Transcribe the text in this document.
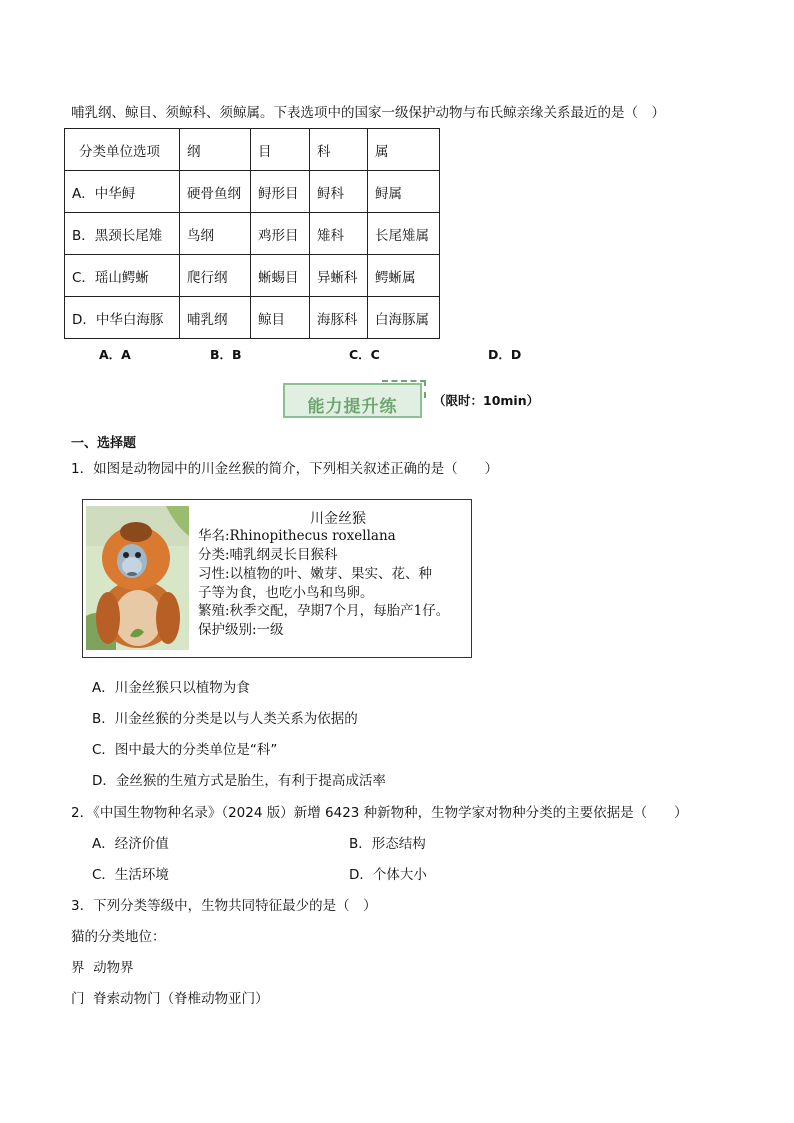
哺乳纲、鲸目、须鲸科、须鲸属。下表选项中的国家一级保护动物与布氏鲸亲缘关系最近的是（　）
分类单位选项	纲	目	科	属
A．中华鲟	硬骨鱼纲	鲟形目	鲟科	鲟属
B．黑颈长尾雉	鸟纲	鸡形目	雉科	长尾雉属
C．瑶山鳄蜥	爬行纲	蜥蜴目	异蜥科	鳄蜥属
D．中华白海豚	哺乳纲	鲸目	海豚科	白海豚属
A．A	B．B	C．C	D．D
能力提升练	（限时：10min）
一、选择题
1．如图是动物园中的川金丝猴的简介，下列相关叙述正确的是（　　）
川金丝猴
华名:Rhinopithecus roxellana
分类:哺乳纲灵长目猴科
习性:以植物的叶、嫩芽、果实、花、种
子等为食，也吃小鸟和鸟卵。
繁殖:秋季交配，孕期7个月，每胎产1仔。
保护级别:一级
A．川金丝猴只以植物为食
B．川金丝猴的分类是以与人类关系为依据的
C．图中最大的分类单位是“科”
D．金丝猴的生殖方式是胎生，有利于提高成活率
2．《中国生物物种名录》（2024 版）新增 6423 种新物种，生物学家对物种分类的主要依据是（　　）
A．经济价值	B．形态结构
C．生活环境	D．个体大小
3．下列分类等级中，生物共同特征最少的是（　）
猫的分类地位：
界  动物界
门  脊索动物门（脊椎动物亚门）
